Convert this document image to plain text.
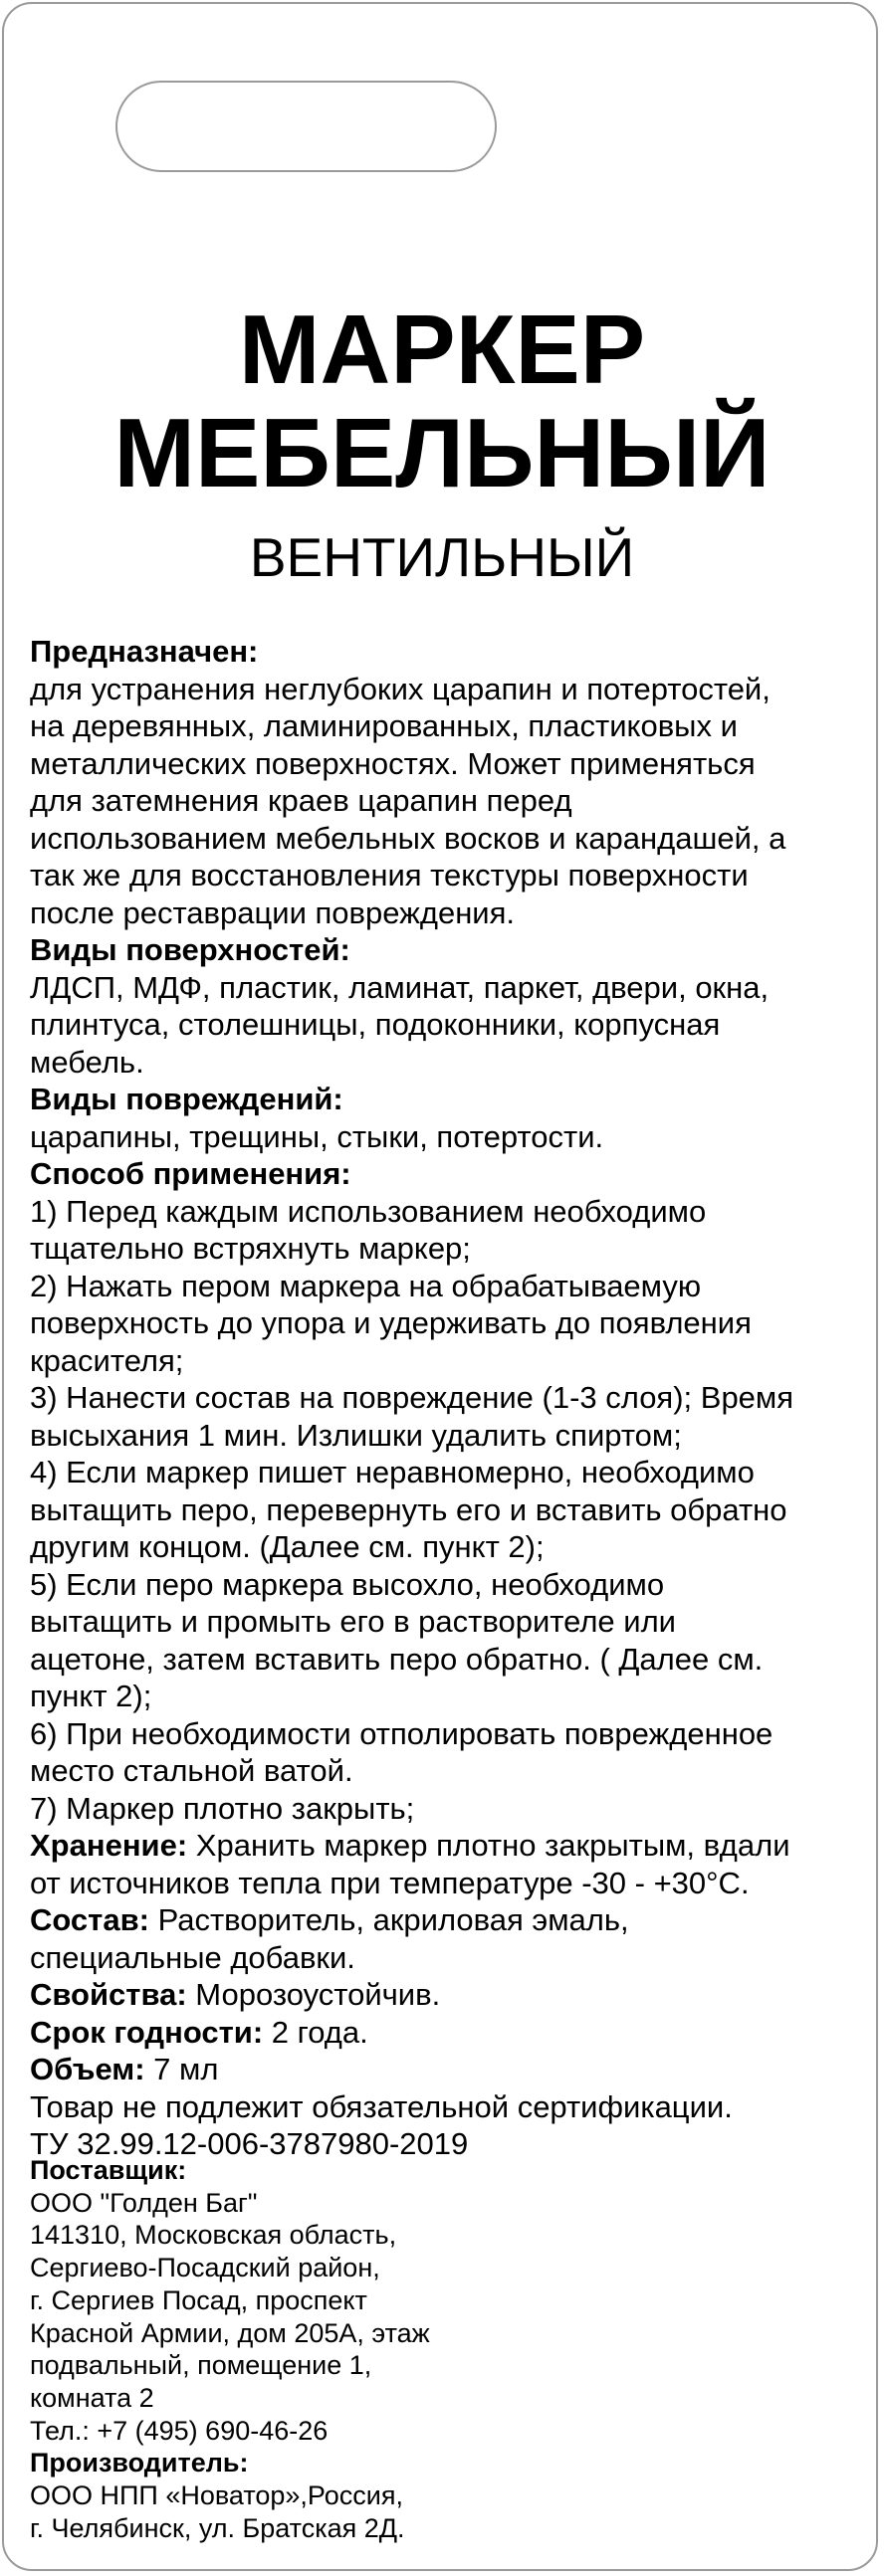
МАРКЕР
МЕБЕЛЬНЫЙ
ВЕНТИЛЬНЫЙ

Предназначен:

для устранения неглубоких царапин и потертостей,

на деревянных, ламинированных, пластиковых и

металлических поверхностях. Может применяться

для затемнения краев царапин перед

использованием мебельных восков и карандашей, а

так же для восстановления текстуры поверхности

после реставрации повреждения.

Виды поверхностей:

ЛДСП, МДФ, пластик, ламинат, паркет, двери, окна,

плинтуса, столешницы, подоконники, корпусная

мебель.

Виды повреждений:

царапины, трещины, стыки, потертости.

Способ применения:

1) Перед каждым использованием необходимо

тщательно встряхнуть маркер;

2) Нажать пером маркера на обрабатываемую

поверхность до упора и удерживать до появления

красителя;

3) Нанести состав на повреждение (1-3 слоя); Время

высыхания 1 мин. Излишки удалить спиртом;

4) Если маркер пишет неравномерно, необходимо

вытащить перо, перевернуть его и вставить обратно

другим концом. (Далее см. пункт 2);

5) Если перо маркера высохло, необходимо

вытащить и промыть его в растворителе или

ацетоне, затем вставить перо обратно. ( Далее см.

пункт 2);

6) При необходимости отполировать поврежденное

место стальной ватой.

7) Маркер плотно закрыть;

Хранение: Хранить маркер плотно закрытым, вдали

от источников тепла при температуре -30 - +30°С.

Состав: Растворитель, акриловая эмаль,

специальные добавки.

Свойства: Морозоустойчив.

Срок годности: 2 года.

Объем: 7 мл

Товар не подлежит обязательной сертификации.

ТУ 32.99.12-006-3787980-2019

Поставщик:

ООО "Голден Баг"

141310, Московская область,

Сергиево-Посадский район,

г. Сергиев Посад, проспект

Красной Армии, дом 205А, этаж

подвальный, помещение 1,

комната 2

Тел.: +7 (495) 690-46-26

Производитель:

ООО НПП «Новатор»,Россия,

г. Челябинск, ул. Братская 2Д.
